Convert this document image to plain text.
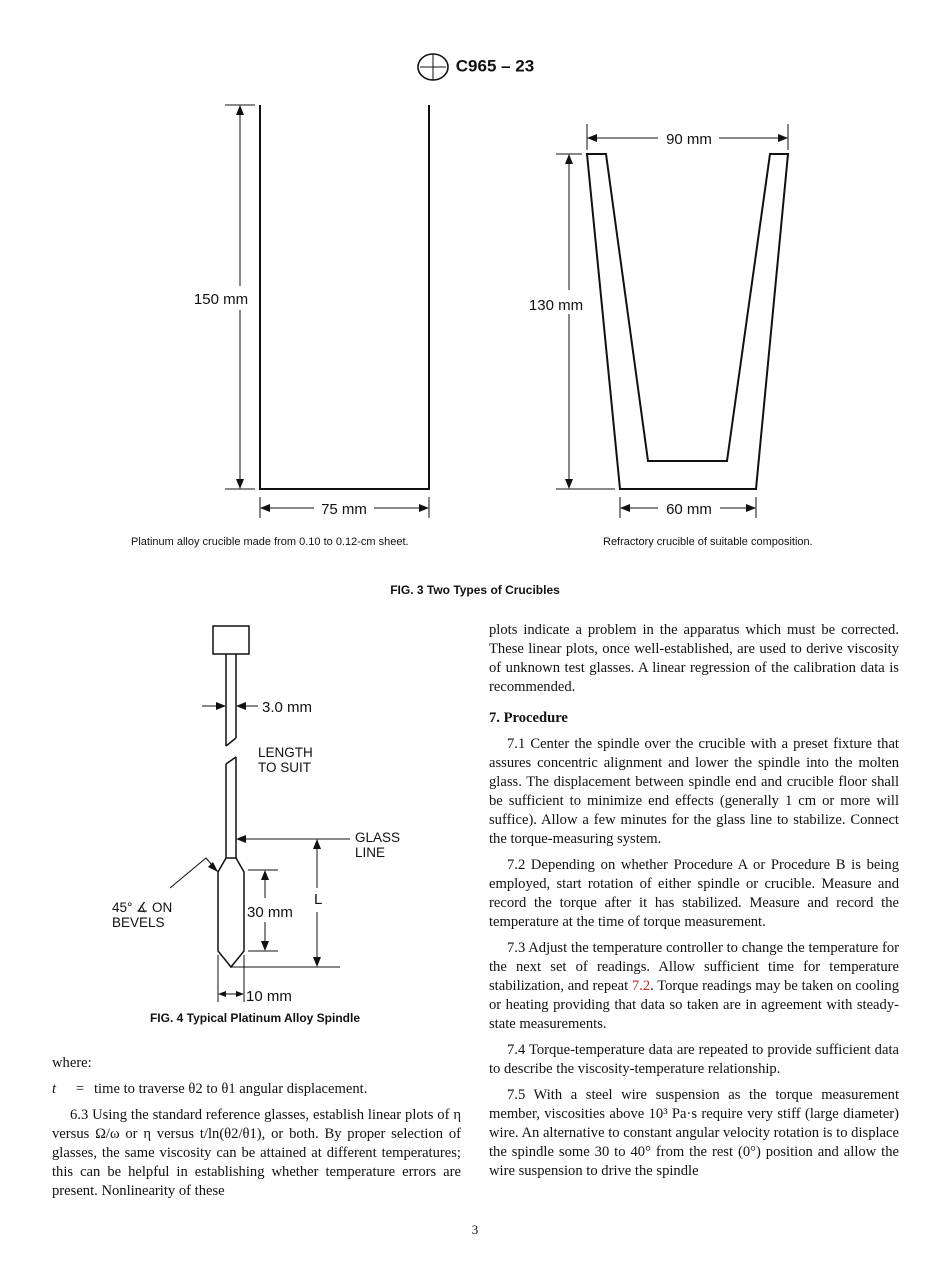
C965 – 23
150 mm
75 mm
90 mm
130 mm
60 mm
Platinum alloy crucible made from 0.10 to 0.12-cm sheet.	Refractory crucible of suitable composition.
FIG. 3 Two Types of Crucibles
3.0 mm
LENGTH
TO SUIT
GLASS
LINE
L
30 mm
45° ∡ ON
BEVELS
10 mm
FIG. 4 Typical Platinum Alloy Spindle

where:

t	= time to traverse θ2 to θ1 angular displacement.

6.3 Using the standard reference glasses, establish linear plots of η versus Ω/ω or η versus t/ln(θ2/θ1), or both. By proper selection of glasses, the same viscosity can be attained at different temperatures; this can be helpful in establishing whether temperature errors are present. Nonlinearity of these

plots indicate a problem in the apparatus which must be corrected. These linear plots, once well-established, are used to derive viscosity of unknown test glasses. A linear regression of the calibration data is recommended.

7. Procedure

7.1 Center the spindle over the crucible with a preset fixture that assures concentric alignment and lower the spindle into the molten glass. The displacement between spindle end and crucible floor shall be sufficient to minimize end effects (generally 1 cm or more will suffice). Allow a few minutes for the glass line to stabilize. Connect the torque-measuring system.

7.2 Depending on whether Procedure A or Procedure B is being employed, start rotation of either spindle or crucible. Measure and record the torque after it has stabilized. Measure and record the temperature at the time of torque measurement.

7.3 Adjust the temperature controller to change the temperature for the next set of readings. Allow sufficient time for temperature stabilization, and repeat 7.2. Torque readings may be taken on cooling or heating providing that data so taken are in agreement with steady-state measurements.

7.4 Torque-temperature data are repeated to provide sufficient data to describe the viscosity-temperature relationship.

7.5 With a steel wire suspension as the torque measurement member, viscosities above 10³ Pa·s require very stiff (large diameter) wire. An alternative to constant angular velocity rotation is to displace the spindle some 30 to 40° from the rest (0°) position and allow the wire suspension to drive the spindle

3
